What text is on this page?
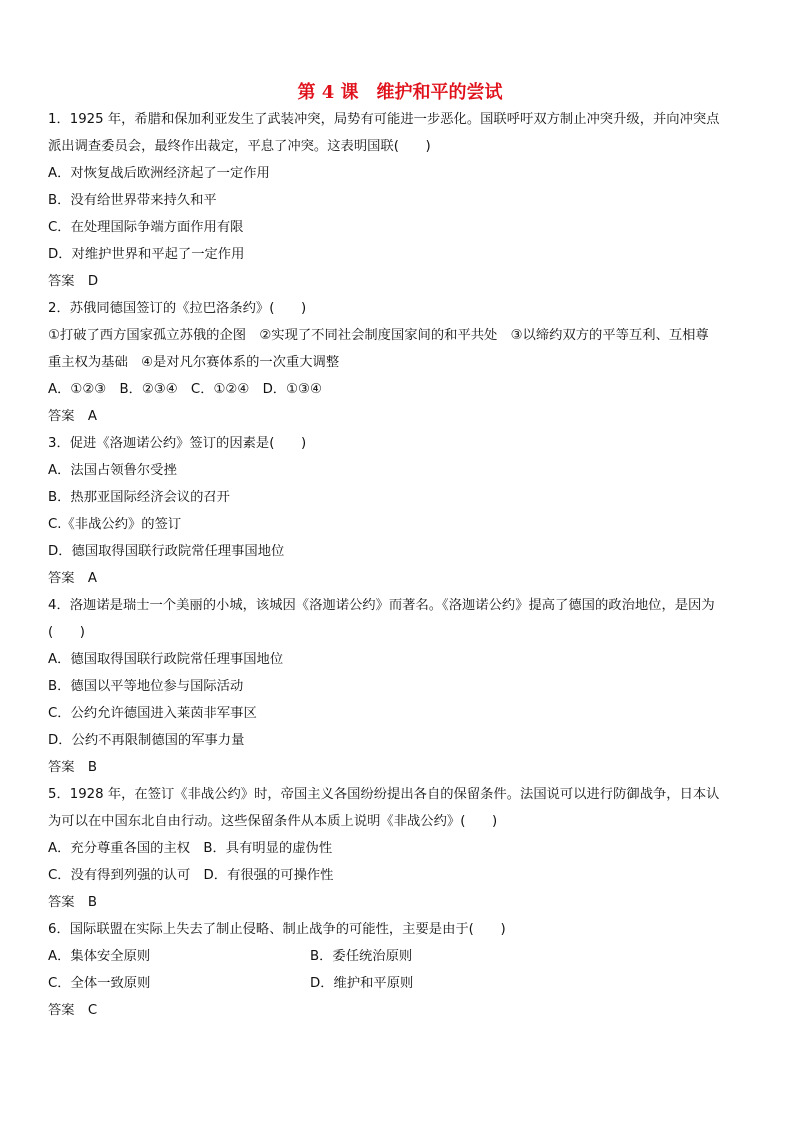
第 4 课　维护和平的尝试
1．1925 年，希腊和保加利亚发生了武装冲突，局势有可能进一步恶化。国联呼吁双方制止冲突升级，并向冲突点
派出调查委员会，最终作出裁定，平息了冲突。这表明国联(　　)
A．对恢复战后欧洲经济起了一定作用
B．没有给世界带来持久和平
C．在处理国际争端方面作用有限
D．对维护世界和平起了一定作用
答案　D
2．苏俄同德国签订的《拉巴洛条约》(　　)
①打破了西方国家孤立苏俄的企图　②实现了不同社会制度国家间的和平共处　③以缔约双方的平等互利、互相尊
重主权为基础　④是对凡尔赛体系的一次重大调整
A．①②③　B．②③④　C．①②④　D．①③④
答案　A
3．促进《洛迦诺公约》签订的因素是(　　)
A．法国占领鲁尔受挫
B．热那亚国际经济会议的召开
C.《非战公约》的签订
D．德国取得国联行政院常任理事国地位
答案　A
4．洛迦诺是瑞士一个美丽的小城，该城因《洛迦诺公约》而著名。《洛迦诺公约》提高了德国的政治地位，是因为
(　　)
A．德国取得国联行政院常任理事国地位
B．德国以平等地位参与国际活动
C．公约允许德国进入莱茵非军事区
D．公约不再限制德国的军事力量
答案　B
5．1928 年，在签订《非战公约》时，帝国主义各国纷纷提出各自的保留条件。法国说可以进行防御战争，日本认
为可以在中国东北自由行动。这些保留条件从本质上说明《非战公约》(　　)
A．充分尊重各国的主权　B．具有明显的虚伪性
C．没有得到列强的认可　D．有很强的可操作性
答案　B
6．国际联盟在实际上失去了制止侵略、制止战争的可能性，主要是由于(　　)
A．集体安全原则	B．委任统治原则
C．全体一致原则	D．维护和平原则
答案　C
